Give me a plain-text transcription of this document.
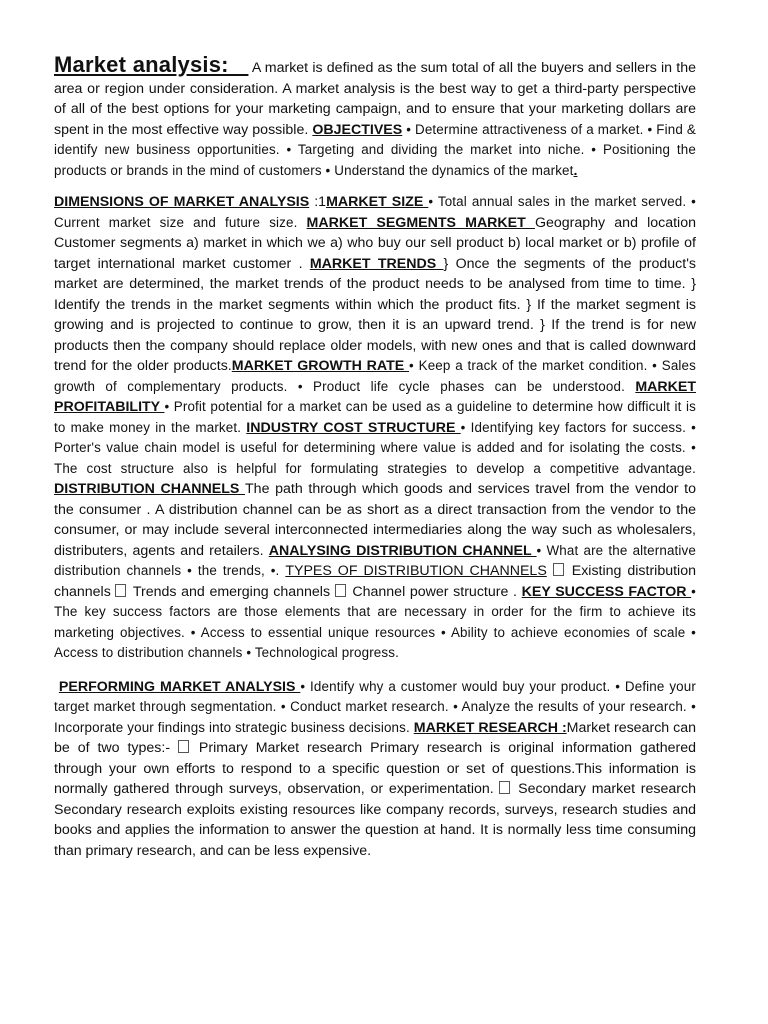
Market analysis:    A market is defined as the sum total of all the buyers and sellers in the area or region under consideration. A market analysis is the best way to get a third-party perspective of all of the best options for your marketing campaign, and to ensure that your marketing dollars are spent in the most effective way possible. OBJECTIVES • Determine attractiveness of a market. • Find & identify new business opportunities. • Targeting and dividing the market into niche. • Positioning the products or brands in the mind of customers • Understand the dynamics of the market.

DIMENSIONS OF MARKET ANALYSIS :1MARKET SIZE • Total annual sales in the market served. • Current market size and future size. MARKET SEGMENTS MARKET Geography and location Customer segments a) market in which we a) who buy our sell product b) local market or b) profile of target international market customer . MARKET TRENDS } Once the segments of the product's market are determined, the market trends of the product needs to be analysed from time to time. } Identify the trends in the market segments within which the product fits. } If the market segment is growing and is projected to continue to grow, then it is an upward trend. } If the trend is for new products then the company should replace older models, with new ones and that is called downward trend for the older products.MARKET GROWTH RATE • Keep a track of the market condition. • Sales growth of complementary products. • Product life cycle phases can be understood. MARKET PROFITABILITY • Profit potential for a market can be used as a guideline to determine how difficult it is to make money in the market. INDUSTRY COST STRUCTURE • Identifying key factors for success. • Porter's value chain model is useful for determining where value is added and for isolating the costs. • The cost structure also is helpful for formulating strategies to develop a competitive advantage. DISTRIBUTION CHANNELS The path through which goods and services travel from the vendor to the consumer . A distribution channel can be as short as a direct transaction from the vendor to the consumer, or may include several interconnected intermediaries along the way such as wholesalers, distributers, agents and retailers. ANALYSING DISTRIBUTION CHANNEL • What are the alternative distribution channels • the trends, •. TYPES OF DISTRIBUTION CHANNELS  Existing distribution channels  Trends and emerging channels  Channel power structure . KEY SUCCESS FACTOR • The key success factors are those elements that are necessary in order for the firm to achieve its marketing objectives. • Access to essential unique resources • Ability to achieve economies of scale • Access to distribution channels • Technological progress.

PERFORMING MARKET ANALYSIS • Identify why a customer would buy your product. • Define your target market through segmentation. • Conduct market research. • Analyze the results of your research. • Incorporate your findings into strategic business decisions. MARKET RESEARCH :Market research can be of two types:-  Primary Market research Primary research is original information gathered through your own efforts to respond to a specific question or set of questions.This information is normally gathered through surveys, observation, or experimentation.  Secondary market research Secondary research exploits existing resources like company records, surveys, research studies and books and applies the information to answer the question at hand. It is normally less time consuming than primary research, and can be less expensive.
